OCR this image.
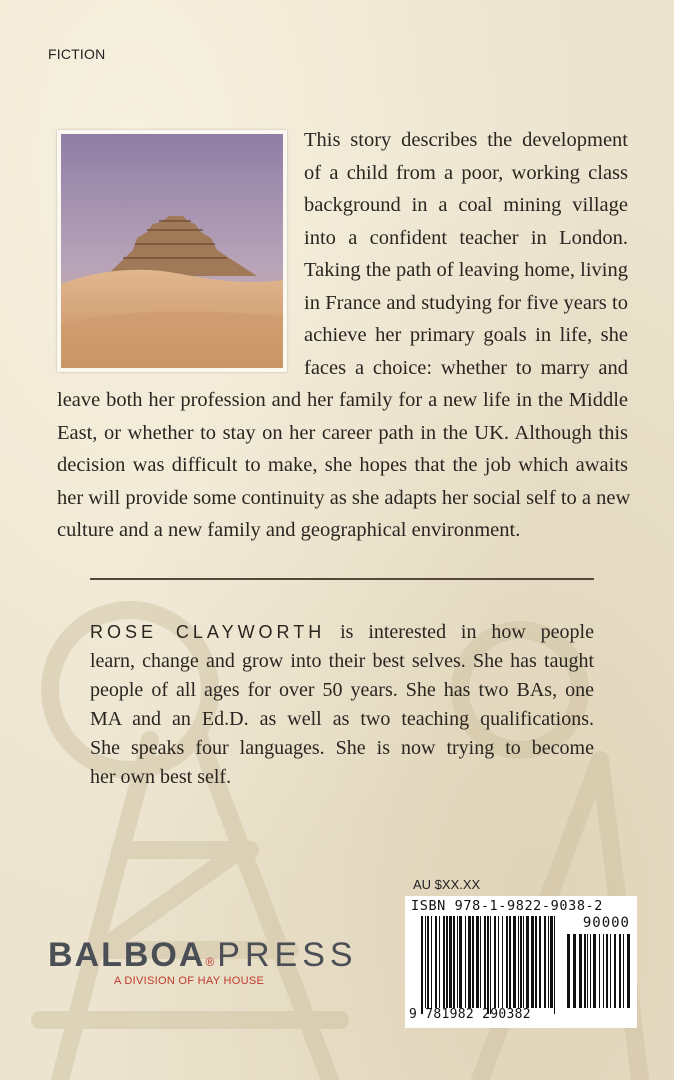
FICTION
This story describes the development
of a child from a poor, working class
background in a coal mining village
into a confident teacher in London.
Taking the path of leaving home, living
in France and studying for five years to
achieve her primary goals in life, she
faces a choice: whether to marry and
leave both her profession and her family for a new life in the Middle
East, or whether to stay on her career path in the UK. Although this
decision was difficult to make, she hopes that the job which awaits
her will provide some continuity as she adapts her social self to a new
culture and a new family and geographical environment.
ROSE CLAYWORTH is interested in how people
learn, change and grow into their best selves. She has taught
people of all ages for over 50 years. She has two BAs, one
MA and an Ed.D. as well as two teaching qualifications.
She speaks four languages. She is now trying to become
her own best self.
AU $XX.XX
ISBN 978-1-9822-9038-2
90000
9 781982 290382
BALBOA®PRESS
A DIVISION OF HAY HOUSE
